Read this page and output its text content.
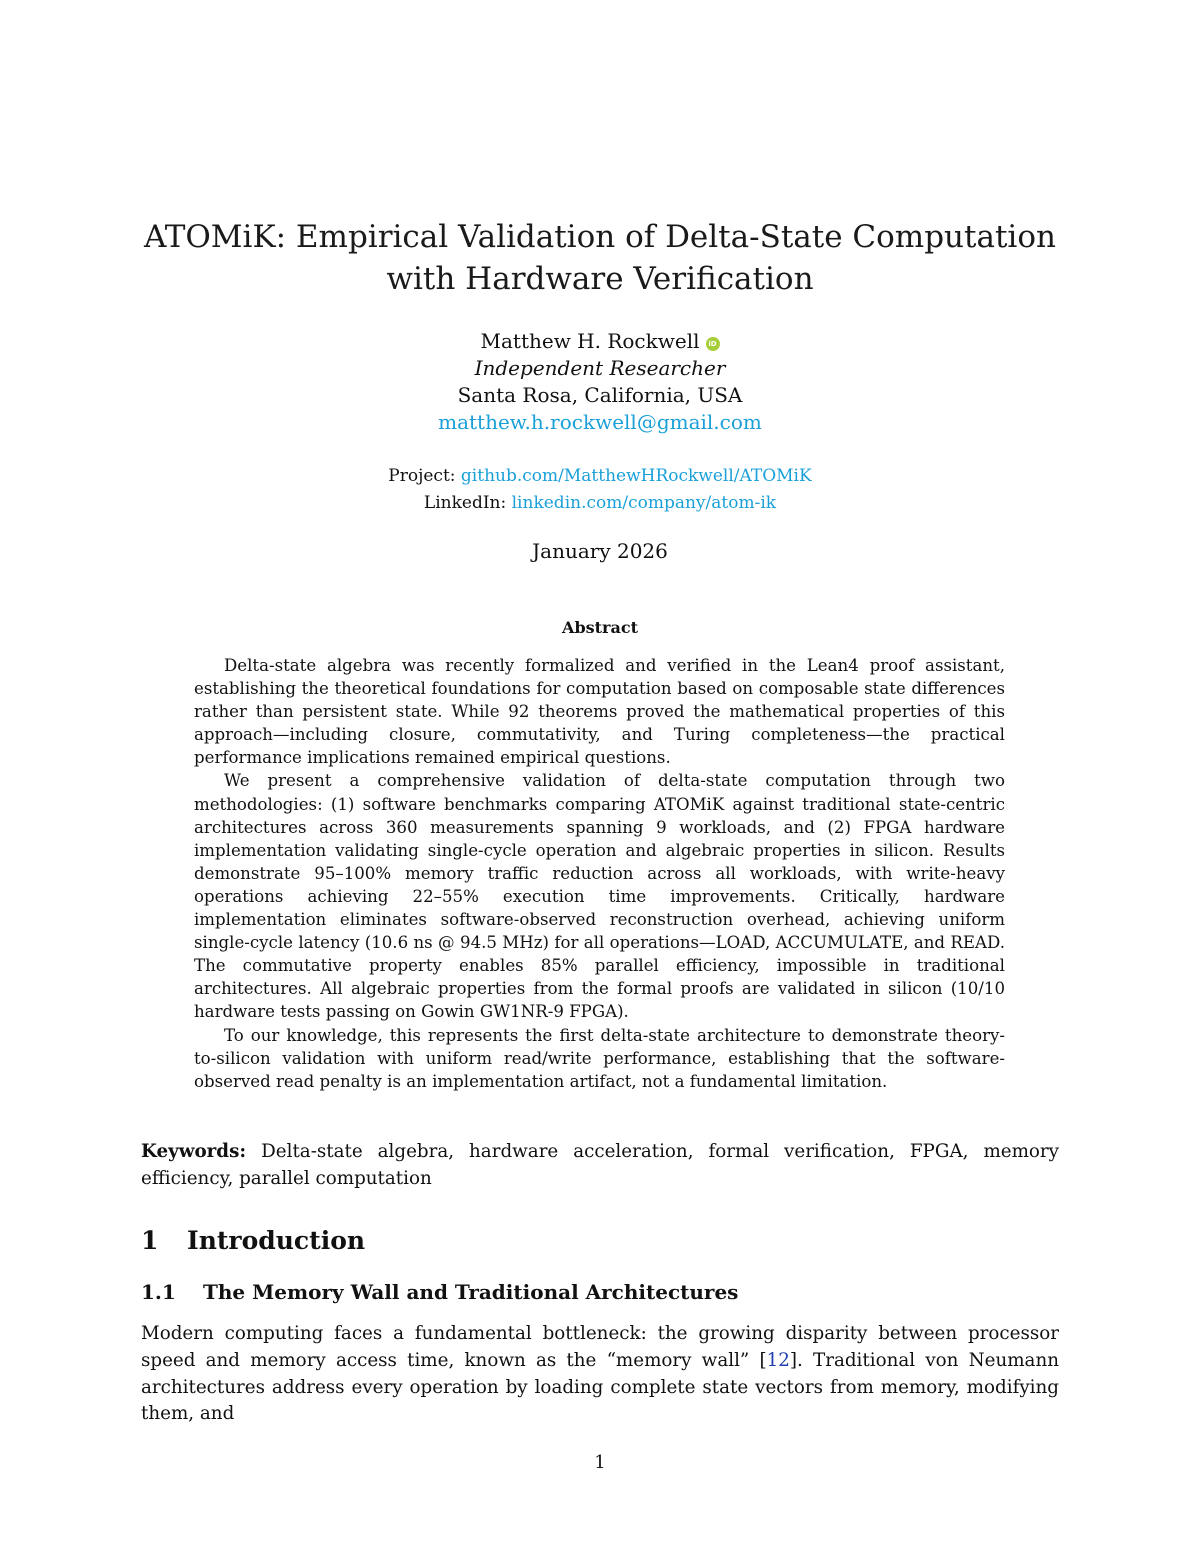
ATOMiK: Empirical Validation of Delta-State Computation
with Hardware Verification
Matthew H. Rockwell iD
Independent Researcher
Santa Rosa, California, USA
matthew.h.rockwell@gmail.com
Project: github.com/MatthewHRockwell/ATOMiK
LinkedIn: linkedin.com/company/atom-ik
January 2026
Abstract

Delta-state algebra was recently formalized and verified in the Lean4 proof assistant, establishing the theoretical foundations for computation based on composable state differences rather than persistent state. While 92 theorems proved the mathematical properties of this approach—including closure, commutativity, and Turing completeness—the practical performance implications remained empirical questions.

We present a comprehensive validation of delta-state computation through two methodologies: (1) software benchmarks comparing ATOMiK against traditional state-centric architectures across 360 measurements spanning 9 workloads, and (2) FPGA hardware implementation validating single-cycle operation and algebraic properties in silicon. Results demonstrate 95–100% memory traffic reduction across all workloads, with write-heavy operations achieving 22–55% execution time improvements. Critically, hardware implementation eliminates software-observed reconstruction overhead, achieving uniform single-cycle latency (10.6 ns @ 94.5 MHz) for all operations—LOAD, ACCUMULATE, and READ. The commutative property enables 85% parallel efficiency, impossible in traditional architectures. All algebraic properties from the formal proofs are validated in silicon (10/10 hardware tests passing on Gowin GW1NR-9 FPGA).

To our knowledge, this represents the first delta-state architecture to demonstrate theory-to-silicon validation with uniform read/write performance, establishing that the software-observed read penalty is an implementation artifact, not a fundamental limitation.

Keywords: Delta-state algebra, hardware acceleration, formal verification, FPGA, memory efficiency, parallel computation
1 Introduction
1.1 The Memory Wall and Traditional Architectures

Modern computing faces a fundamental bottleneck: the growing disparity between processor speed and memory access time, known as the “memory wall” [12]. Traditional von Neumann architectures address every operation by loading complete state vectors from memory, modifying them, and

1
